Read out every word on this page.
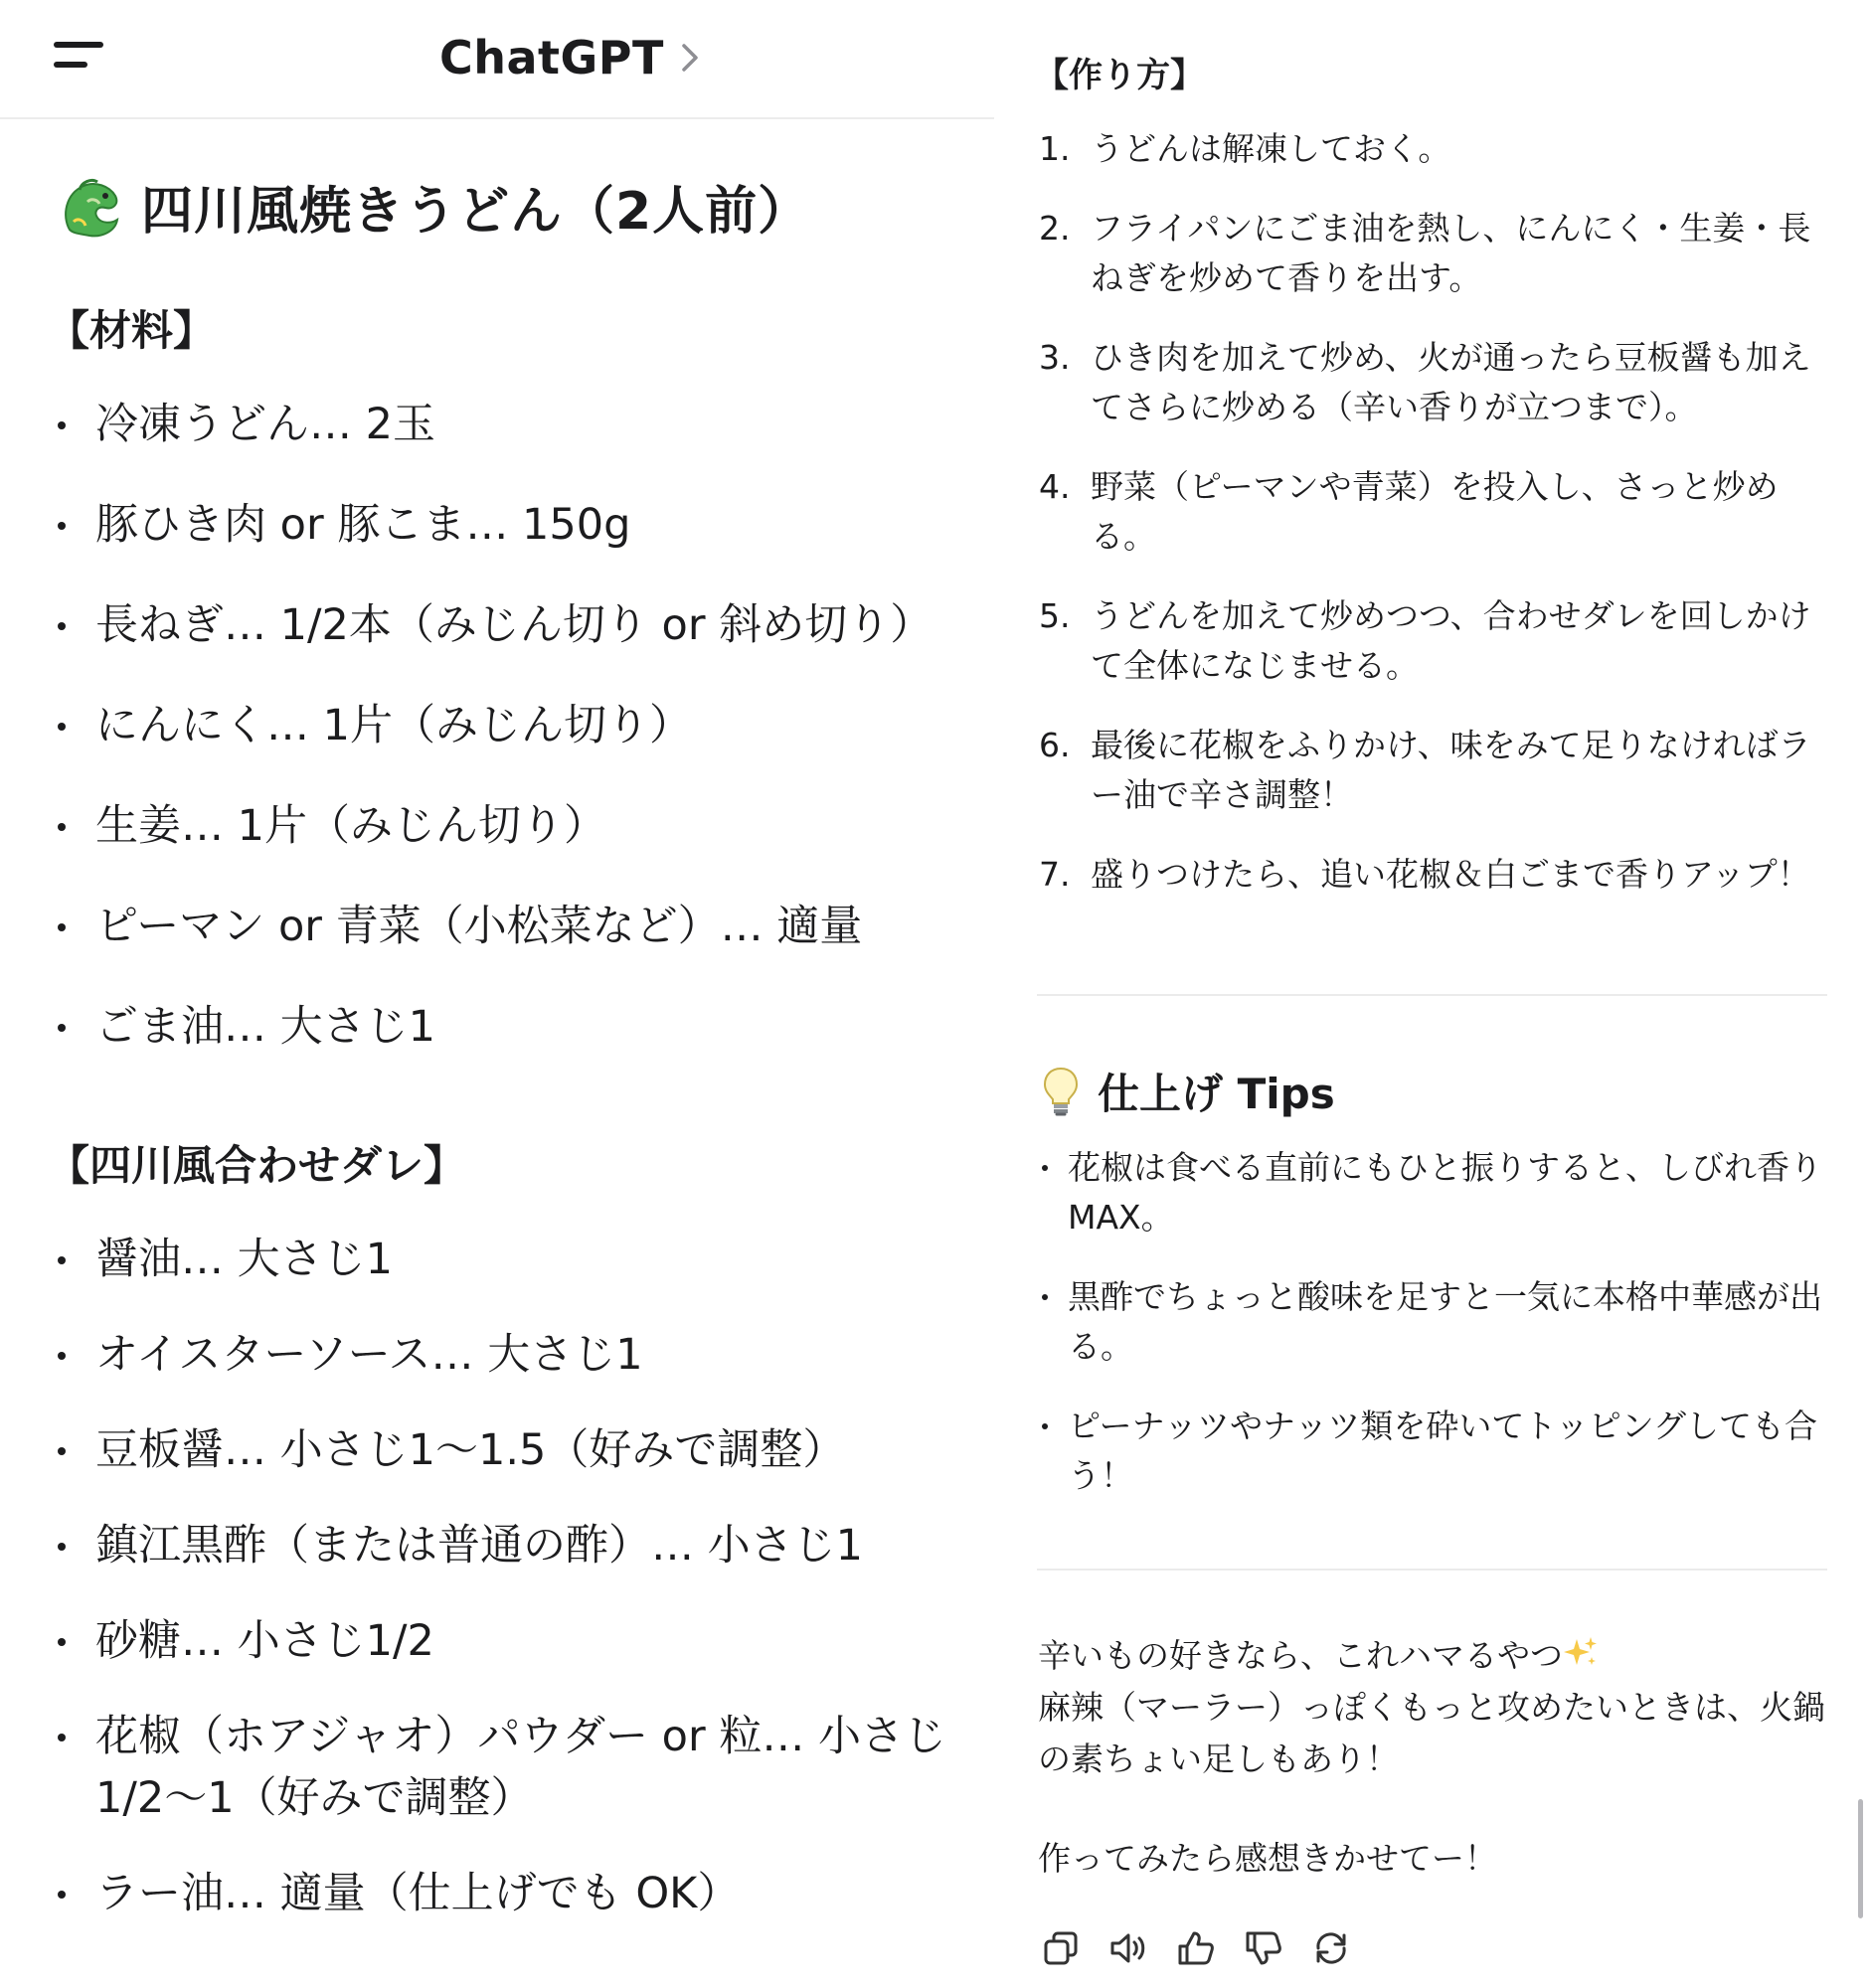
ChatGPT
四川風焼きうどん（2人前）
【材料】
冷凍うどん… 2玉
豚ひき肉 or 豚こま… 150g
長ねぎ… 1/2本（みじん切り or 斜め切り）
にんにく… 1片（みじん切り）
生姜… 1片（みじん切り）
ピーマン or 青菜（小松菜など）… 適量
ごま油… 大さじ1
【四川風合わせダレ】
醤油… 大さじ1
オイスターソース… 大さじ1
豆板醤… 小さじ1〜1.5（好みで調整）
鎮江黒酢（または普通の酢）… 小さじ1
砂糖… 小さじ1/2
花椒（ホアジャオ）パウダー or 粒… 小さじ1/2〜1（好みで調整）
ラー油… 適量（仕上げでも OK）
【作り方】
1. うどんは解凍しておく。
2. フライパンにごま油を熱し、にんにく・生姜・長ねぎを炒めて香りを出す。
3. ひき肉を加えて炒め、火が通ったら豆板醤も加えてさらに炒める（辛い香りが立つまで）。
4. 野菜（ピーマンや青菜）を投入し、さっと炒める。
5. うどんを加えて炒めつつ、合わせダレを回しかけて全体になじませる。
6. 最後に花椒をふりかけ、味をみて足りなければラー油で辛さ調整！
7. 盛りつけたら、追い花椒＆白ごまで香りアップ！
仕上げ Tips
花椒は食べる直前にもひと振りすると、しびれ香り MAX。
黒酢でちょっと酸味を足すと一気に本格中華感が出る。
ピーナッツやナッツ類を砕いてトッピングしても合う！
辛いもの好きなら、これハマるやつ
麻辣（マーラー）っぽくもっと攻めたいときは、火鍋の素ちょい足しもあり！
作ってみたら感想きかせてー！
